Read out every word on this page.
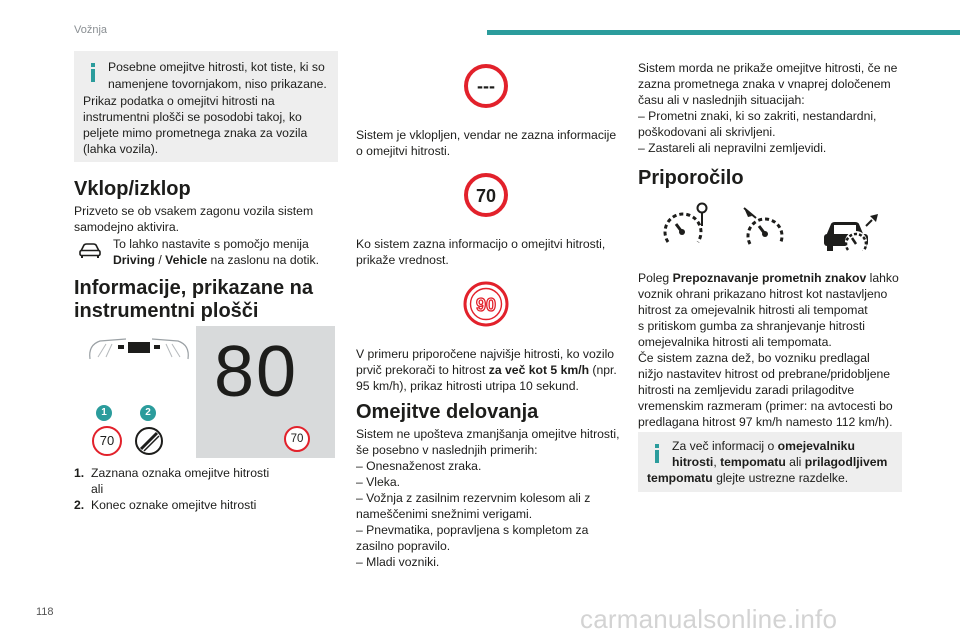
Vožnja

Posebne omejitve hitrosti, kot tiste, ki so

namenjene tovornjakom, niso prikazane.

Prikaz podatka o omejitvi hitrosti na

instrumentni plošči se posodobi takoj, ko

peljete mimo prometnega znaka za vozila

(lahka vozila).

Vklop/izklop

Prizveto se ob vsakem zagonu vozila sistem

samodejno aktivira.

To lahko nastavite s pomočjo menija

Driving / Vehicle na zaslonu na dotik.

Informacije, prikazane na
instrumentni plošči
1	2
70
80
70

1. Zaznana oznaka omejitve hitrosti

ali

2. Konec oznake omejitve hitrosti

---

Sistem je vklopljen, vendar ne zazna informacije

o omejitvi hitrosti.

70

Ko sistem zazna informacijo o omejitvi hitrosti,

prikaže vrednost.

90

V primeru priporočene najvišje hitrosti, ko vozilo

prvič prekorači to hitrost za več kot 5 km/h (npr.

95 km/h), prikaz hitrosti utripa 10 sekund.

Omejitve delovanja

Sistem ne upošteva zmanjšanja omejitve hitrosti,

še posebno v naslednjih primerih:

– Onesnaženost zraka.

– Vleka.

– Vožnja z zasilnim rezervnim kolesom ali z

nameščenimi snežnimi verigami.

– Pnevmatika, popravljena s kompletom za

zasilno popravilo.

– Mladi vozniki.

Sistem morda ne prikaže omejitve hitrosti, če ne

zazna prometnega znaka v vnaprej določenem

času ali v naslednjih situacijah:

– Prometni znaki, ki so zakriti, nestandardni,

poškodovani ali skrivljeni.

– Zastareli ali nepravilni zemljevidi.

Priporočilo

Poleg Prepoznavanje prometnih znakov lahko

voznik ohrani prikazano hitrost kot nastavljeno

hitrost za omejevalnik hitrosti ali tempomat

s pritiskom gumba za shranjevanje hitrosti

omejevalnika hitrosti ali tempomata.

Če sistem zazna dež, bo vozniku predlagal

nižjo nastavitev hitrost od prebrane/pridobljene

hitrosti na zemljevidu zaradi prilagoditve

vremenskim razmeram (primer: na avtocesti bo

predlagana hitrost 97 km/h namesto 112 km/h).

Za več informacij o omejevalniku

hitrosti, tempomatu ali prilagodljivem

tempomatu glejte ustrezne razdelke.

118	carmanualsonline.info
